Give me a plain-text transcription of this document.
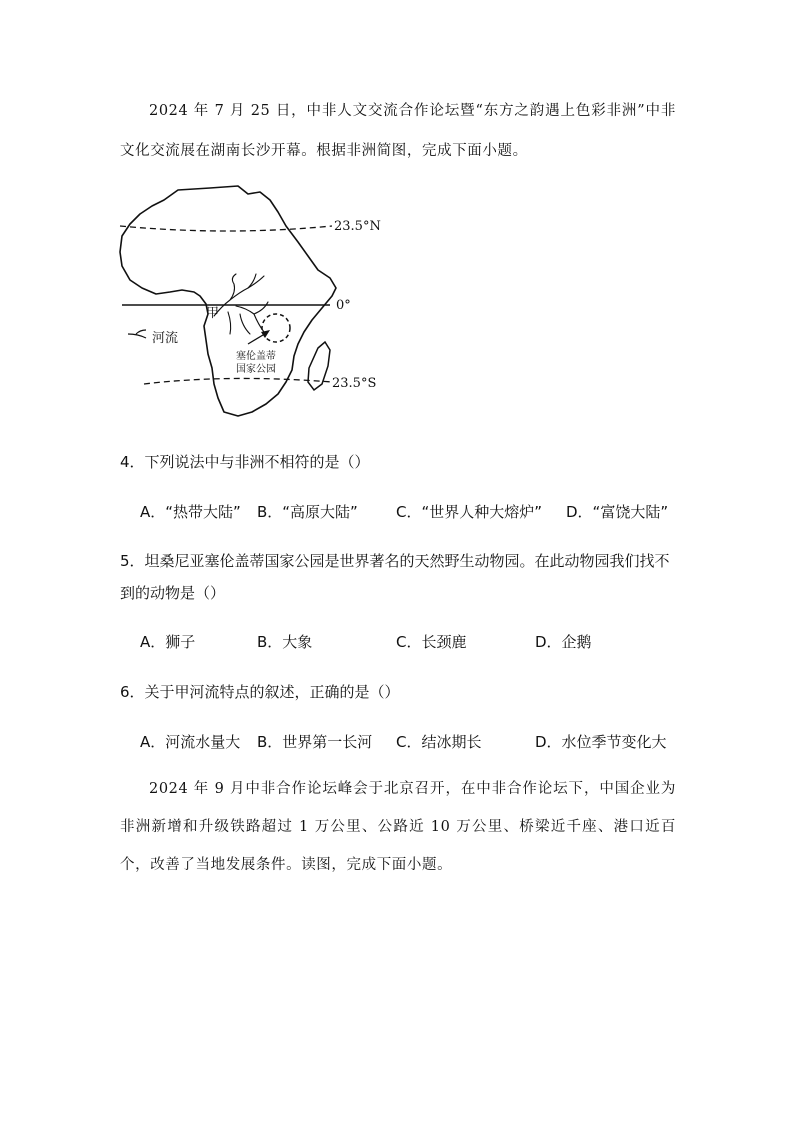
2024 年 7 月 25 日，中非人文交流合作论坛暨“东方之韵遇上色彩非洲”中非文化交流展在湖南长沙开幕。根据非洲简图，完成下面小题。

23.5°N
0°
23.5°S
甲
河流
塞伦盖蒂
国家公园

4．下列说法中与非洲不相符的是（）

A．“热带大陆” B．“高原大陆”	C．“世界人种大熔炉” D．“富饶大陆”

5．坦桑尼亚塞伦盖蒂国家公园是世界著名的天然野生动物园。在此动物园我们找不到的动物是（）

A．狮子	B．大象	C．长颈鹿	D．企鹅

6．关于甲河流特点的叙述，正确的是（）

A．河流水量大 B．世界第一长河 C．结冰期长	D．水位季节变化大

2024 年 9 月中非合作论坛峰会于北京召开，在中非合作论坛下，中国企业为非洲新增和升级铁路超过 1 万公里、公路近 10 万公里、桥梁近千座、港口近百个，改善了当地发展条件。读图，完成下面小题。
